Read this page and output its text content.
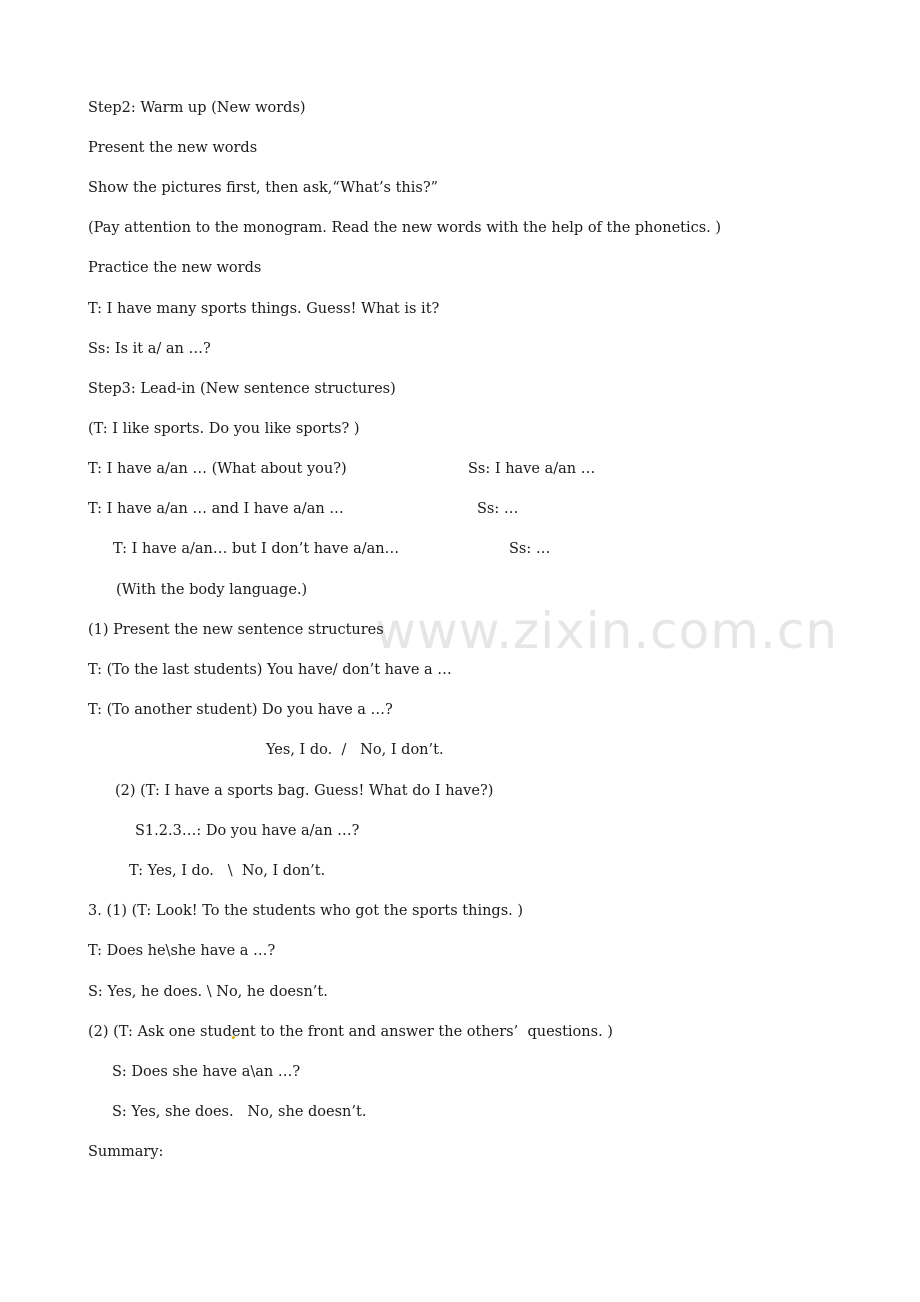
www.zixin.com.cn
Step2: Warm up (New words)
Present the new words
Show the pictures first, then ask,“What’s this?”
(Pay attention to the monogram. Read the new words with the help of the phonetics. )
Practice the new words
T: I have many sports things. Guess! What is it?
Ss: Is it a/ an …?
Step3: Lead-in (New sentence structures)
(T: I like sports. Do you like sports? )
T: I have a/an … (What about you?)	Ss: I have a/an …
T: I have a/an … and I have a/an …	Ss: …
T: I have a/an… but I don’t have a/an…	Ss: …
(With the body language.)
(1) Present the new sentence structures
T: (To the last students) You have/ don’t have a …
T: (To another student) Do you have a …?
Yes, I do.  /   No, I don’t.
(2) (T: I have a sports bag. Guess! What do I have?)
S1.2.3…: Do you have a/an …?
T: Yes, I do.   \  No, I don’t.
3. (1) (T: Look! To the students who got the sports things. )
T: Does he\she have a …?
S: Yes, he does. \ No, he doesn’t.
(2) (T: Ask one student to the front and answer the others’  questions. )
S: Does she have a\an …?
S: Yes, she does.   No, she doesn’t.
Summary:
